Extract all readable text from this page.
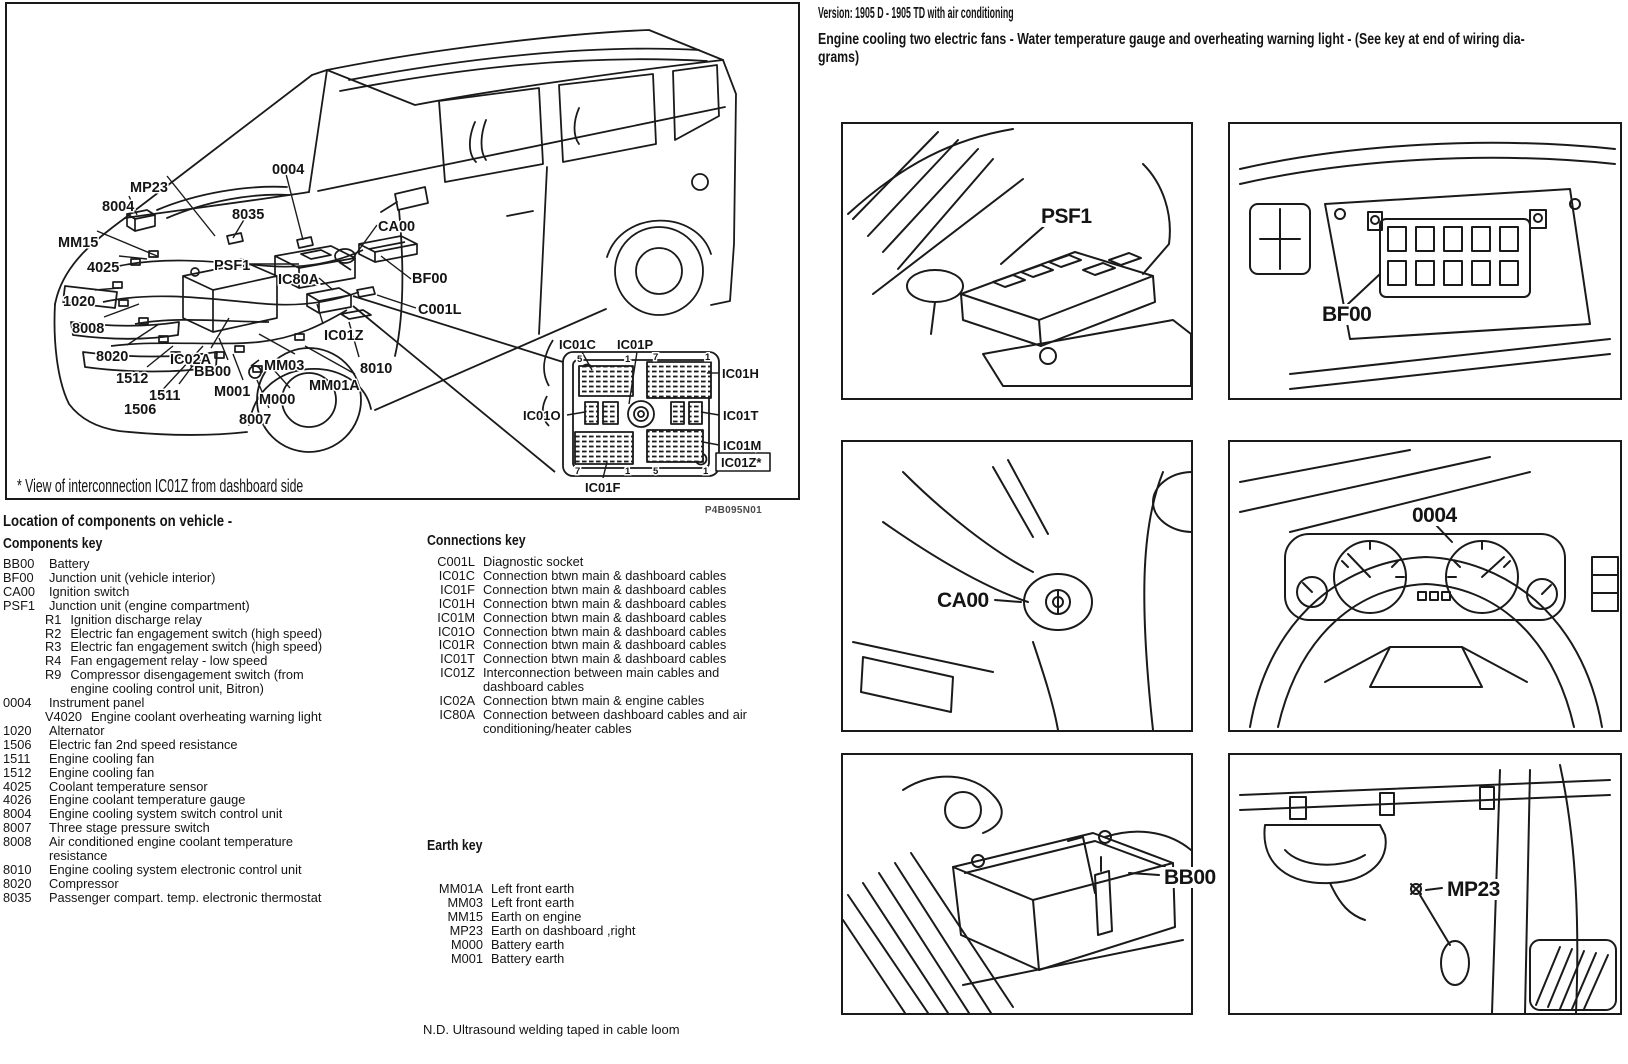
MP23
8004
MM15
4025
1020
8008
8020
1512
1511
1506
IC02A
BB00
M001
MM03
M000
8007
MM01A
PSF1
IC80A
IC01Z
8010
0004
8035
CA00
BF00
C001L
IC01C IC01P
IC01H
IC01O	IC01T
IC01M
IC01F
IC01Z*
5	1 7	1
7	1 5	1
* View of interconnection IC01Z from dashboard side
P4B095N01
Location of components on vehicle -
Components key
BB00	Battery
BF00	Junction unit (vehicle interior)
CA00	Ignition switch
PSF1	Junction unit (engine compartment)
R1 Ignition discharge relay
R2 Electric fan engagement switch (high speed)
R3 Electric fan engagement switch (high speed)
R4 Fan engagement relay - low speed
R9 Compressor disengagement switch (from engine cooling control unit, Bitron)
0004	Instrument panel
V4020 Engine coolant overheating warning light
1020	Alternator
1506	Electric fan 2nd speed resistance
1511	Engine cooling fan
1512	Engine cooling fan
4025	Coolant temperature sensor
4026	Engine coolant temperature gauge
8004	Engine cooling system switch control unit
8007	Three stage pressure switch
8008	Air conditioned engine coolant temperature resistance
8010	Engine cooling system electronic control unit
8020	Compressor
8035	Passenger compart. temp. electronic thermostat
Connections key
C001L Diagnostic socket
IC01C Connection btwn main & dashboard cables
IC01F Connection btwn main & dashboard cables
IC01H Connection btwn main & dashboard cables
IC01M Connection btwn main & dashboard cables
IC01O Connection btwn main & dashboard cables
IC01R Connection btwn main & dashboard cables
IC01T Connection btwn main & dashboard cables
IC01Z Interconnection between main cables and dashboard cables
IC02A Connection btwn main & engine cables
IC80A Connection between dashboard cables and air conditioning/heater cables
Earth key
MM01A Left front earth
MM03 Left front earth
MM15 Earth on engine
MP23 Earth on dashboard ,right
M000 Battery earth
M001 Battery earth
N.D. Ultrasound welding taped in cable loom
Version: 1905 D - 1905 TD with air conditioning
Engine cooling two electric fans - Water temperature gauge and overheating warning light - (See key at end of wiring dia-
grams)
PSF1
BF00
CA00
0004
BB00
MP23
